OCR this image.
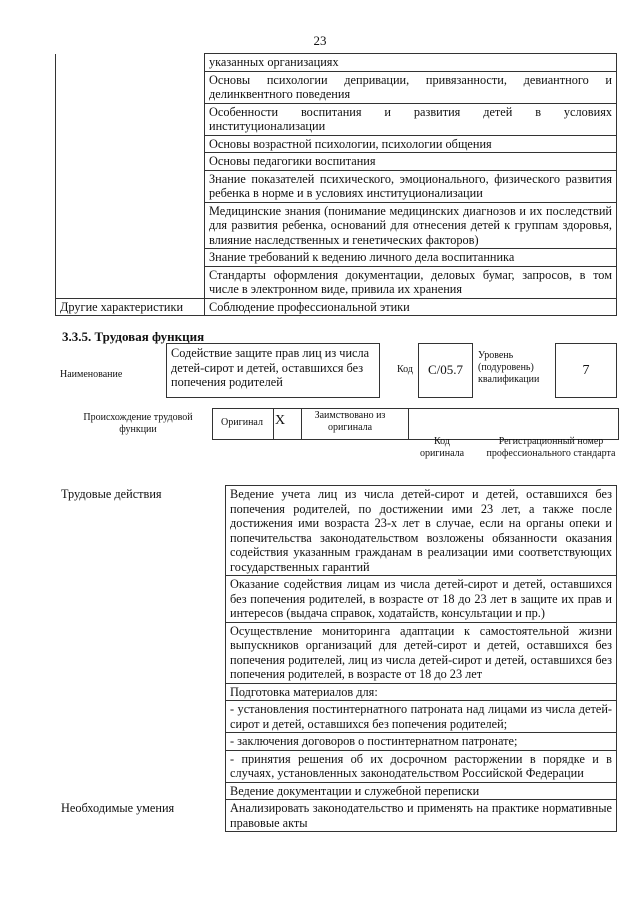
23
	указанных организациях
	Основы психологии депривации, привязанности, девиантного и делинквентного поведения
	Особенности воспитания и развития детей в условиях институционализации
	Основы возрастной психологии, психологии общения
	Основы педагогики воспитания
	Знание показателей психического, эмоционального, физического развития ребенка в норме и в условиях институционализации
	Медицинские знания (понимание медицинских диагнозов и их последствий для развития ребенка, оснований для отнесения детей к группам здоровья, влияние наследственных и генетических факторов)
	Знание требований к ведению личного дела воспитанника
	Стандарты оформления документации, деловых бумаг, запросов, в том числе в электронном виде, привила их хранения
Другие характеристики	Соблюдение профессиональной этики
3.3.5. Трудовая функция
Наименование
Содействие защите прав лиц из числа детей-сирот и детей, оставшихся без попечения родителей
Код	С/05.7
Уровень (подуровень) квалификации
7
Происхождение трудовой функции
Оригинал X	Заимствовано из оригинала
Код оригинала
Регистрационный номер профессионального стандарта
Трудовые действия	Ведение учета лиц из числа детей-сирот и детей, оставшихся без попечения родителей, по достижении ими 23 лет, а также после достижения ими возраста 23-х лет в случае, если на органы опеки и попечительства законодательством возложены обязанности оказания содействия указанным гражданам в реализации ими соответствующих государственных гарантий
	Оказание содействия лицам из числа детей-сирот и детей, оставшихся без попечения родителей, в возрасте от 18 до 23 лет в защите их прав и интересов (выдача справок, ходатайств, консультации и пр.)
	Осуществление мониторинга адаптации к самостоятельной жизни выпускников организаций для детей-сирот и детей, оставшихся без попечения родителей, лиц из числа детей-сирот и детей, оставшихся без попечения родителей, в возрасте от 18 до 23 лет
	Подготовка материалов для:
	- установления постинтернатного патроната над лицами из числа детей-сирот и детей, оставшихся без попечения родителей;
	- заключения договоров о постинтернатном патронате;
	- принятия решения об их досрочном расторжении в порядке и в случаях, установленных законодательством Российской Федерации
	Ведение документации и служебной переписки
Необходимые умения	Анализировать законодательство и применять на практике нормативные правовые акты
